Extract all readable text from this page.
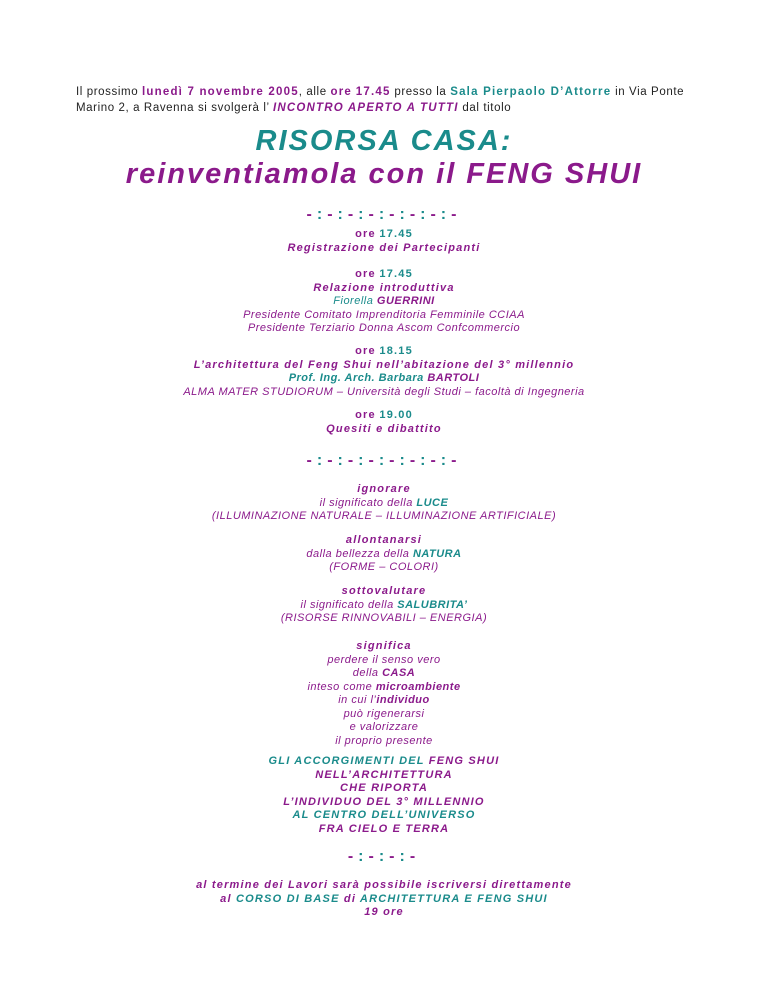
Il prossimo lunedì 7 novembre 2005, alle ore 17.45 presso la Sala Pierpaolo D’Attorre in Via Ponte Marino 2, a Ravenna si svolgerà l’ INCONTRO APERTO A TUTTI dal titolo
RISORSA CASA:
reinventiamola con il FENG SHUI
-:-:-:-:-:-:-:-
ore 17.45
Registrazione dei Partecipanti
ore 17.45
Relazione introduttiva
Fiorella GUERRINI
Presidente Comitato Imprenditoria Femminile CCIAA
Presidente Terziario Donna Ascom Confcommercio
ore 18.15
L’architettura del Feng Shui nell’abitazione del 3° millennio
Prof. Ing. Arch. Barbara BARTOLI
ALMA MATER STUDIORUM – Università degli Studi – facoltà di Ingegneria
ore 19.00
Quesiti e dibattito
-:-:-:-:-:-:-:-
ignorare
il significato della LUCE
(ILLUMINAZIONE NATURALE – ILLUMINAZIONE ARTIFICIALE)
allontanarsi
dalla bellezza della NATURA
(FORME – COLORI)
sottovalutare
il significato della SALUBRITA’
(RISORSE RINNOVABILI – ENERGIA)
significa
perdere il senso vero
della CASA
inteso come microambiente
in cui l’individuo
può rigenerarsi
e valorizzare
il proprio presente
GLI ACCORGIMENTI DEL FENG SHUI
NELL’ARCHITETTURA
CHE RIPORTA
L’INDIVIDUO DEL 3° MILLENNIO
AL CENTRO DELL’UNIVERSO
FRA CIELO E TERRA
-:-:-:-
al termine dei Lavori sarà possibile iscriversi direttamente
al CORSO DI BASE di ARCHITETTURA E FENG SHUI
19 ore
